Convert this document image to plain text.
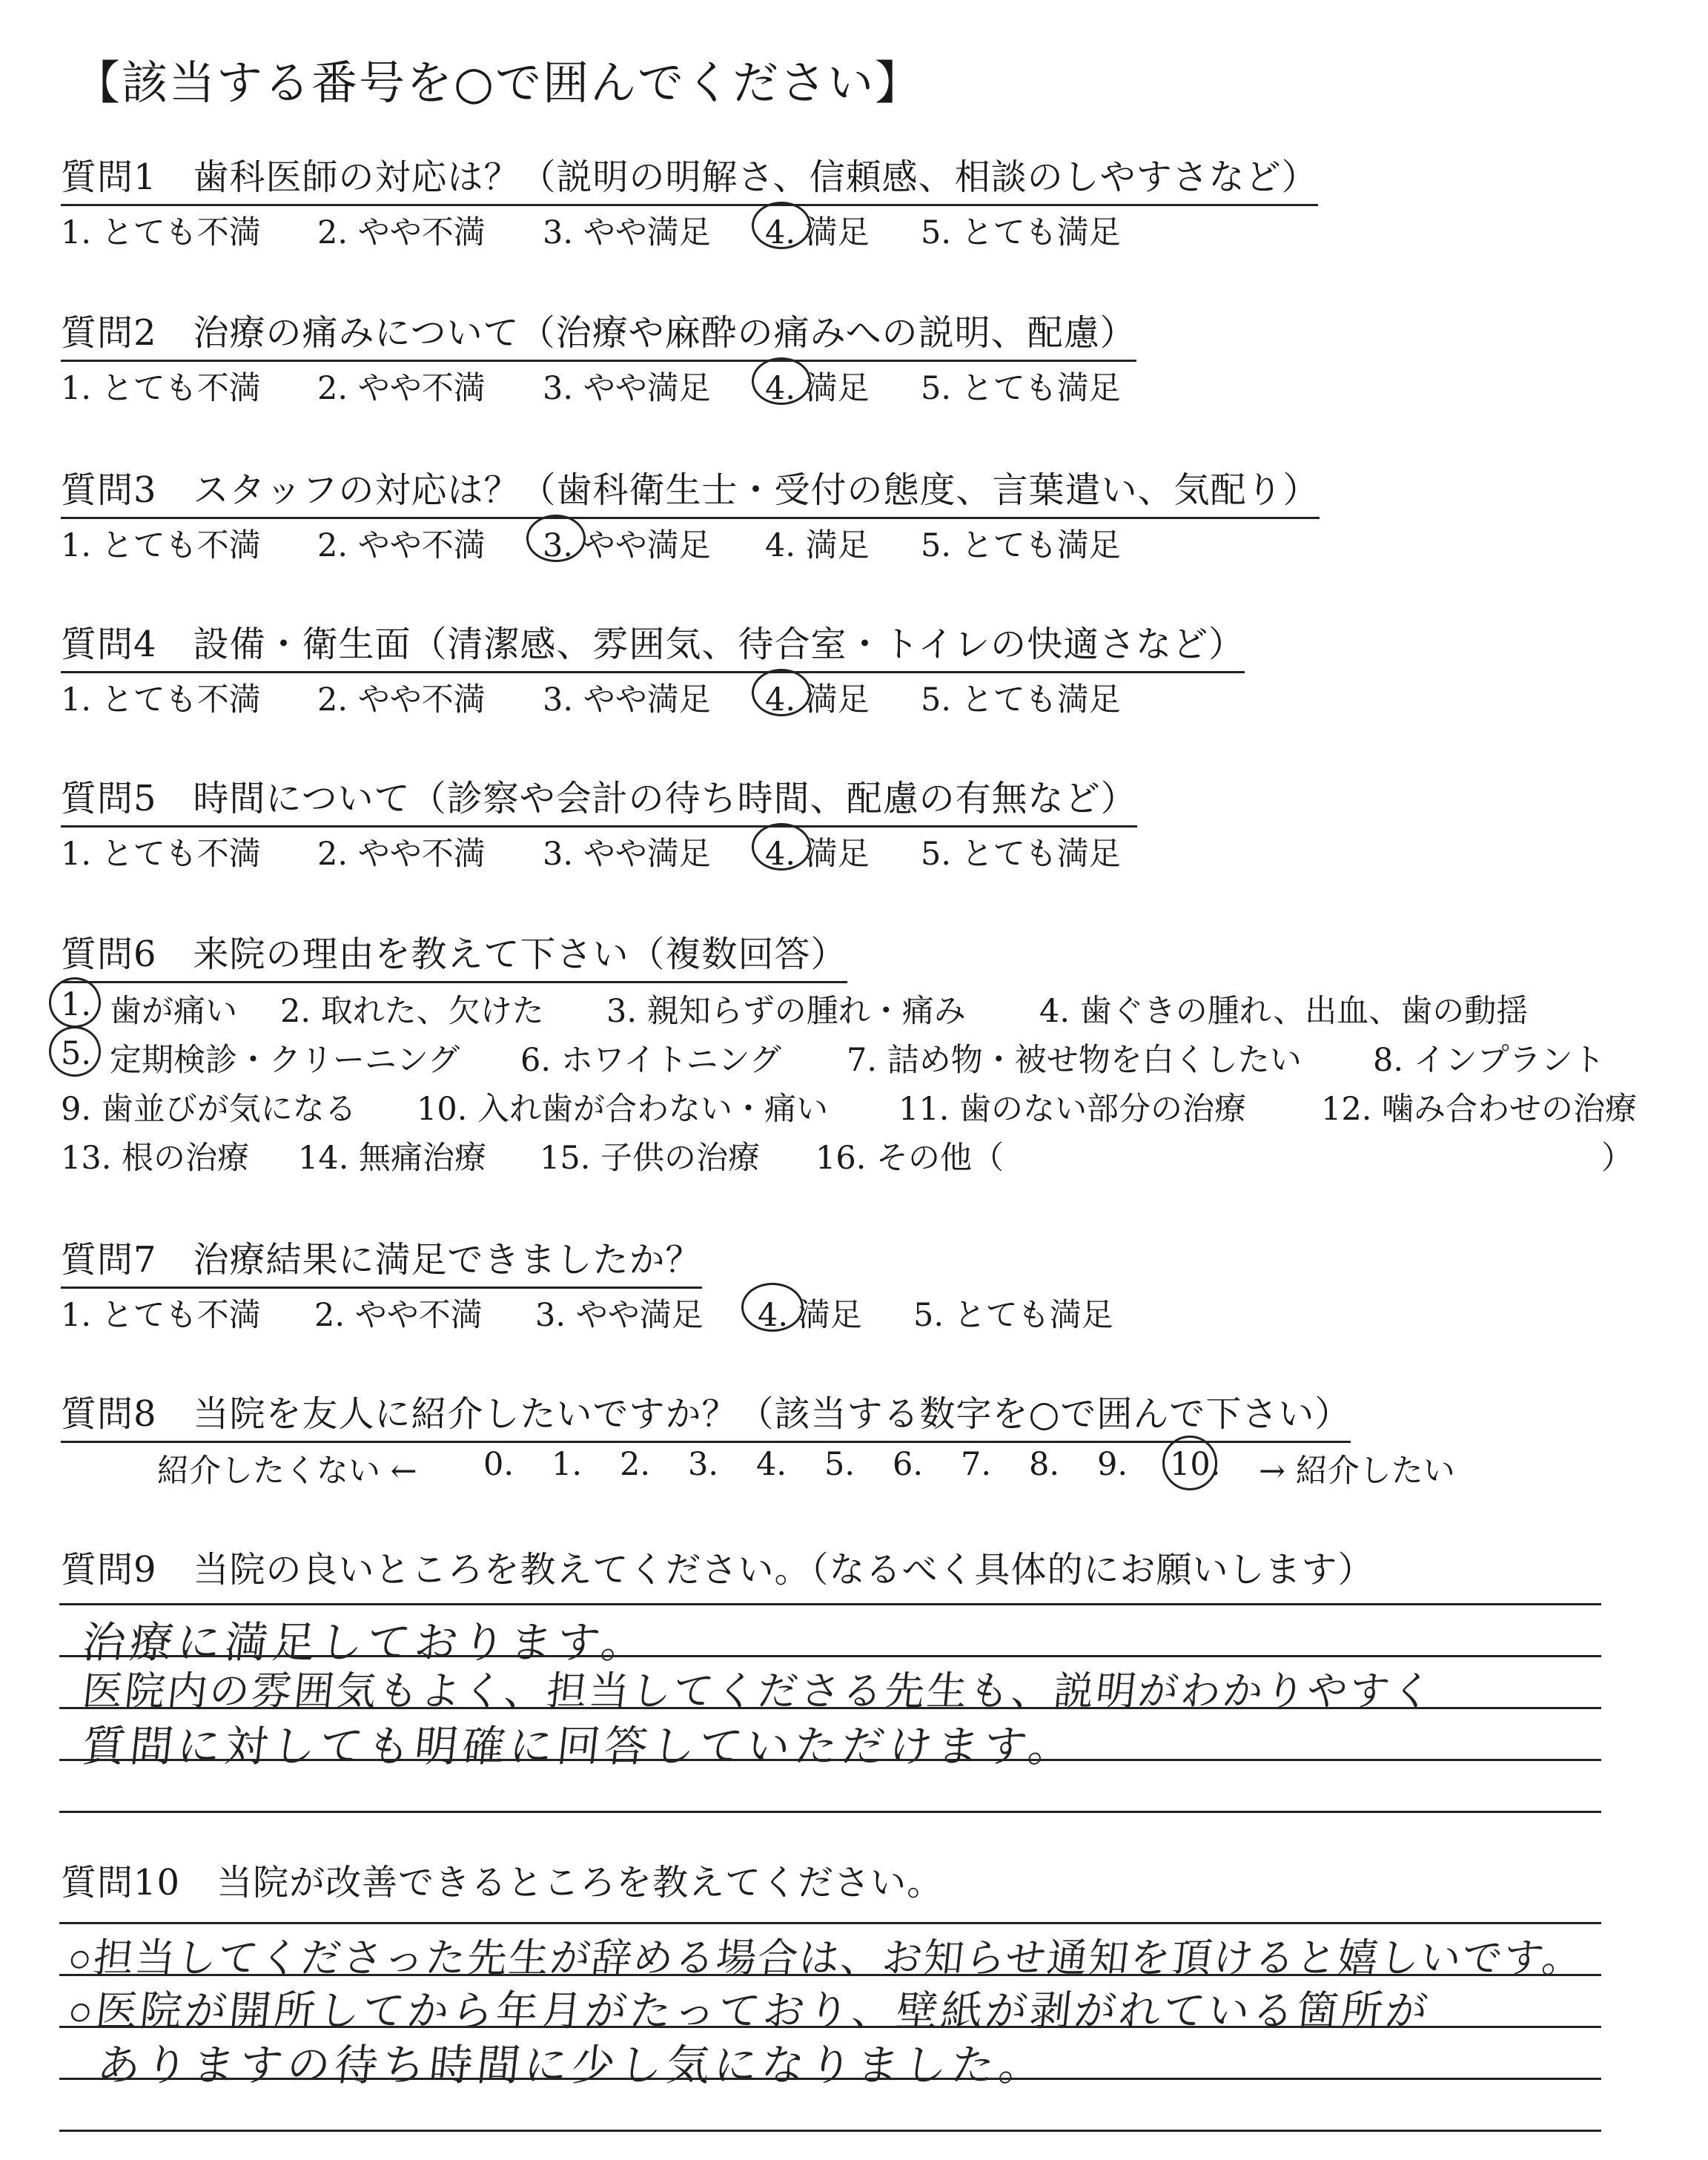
【該当する番号を○で囲んでください】
質問1　歯科医師の対応は？（説明の明解さ、信頼感、相談のしやすさなど）
1. とても不満 2. やや不満 3. やや満足 4. 満足 5. とても満足
質問2　治療の痛みについて（治療や麻酔の痛みへの説明、配慮）
1. とても不満 2. やや不満 3. やや満足 4. 満足 5. とても満足
質問3　スタッフの対応は？（歯科衛生士・受付の態度、言葉遣い、気配り）
1. とても不満 2. やや不満 3. やや満足 4. 満足 5. とても満足
質問4　設備・衛生面（清潔感、雰囲気、待合室・トイレの快適さなど）
1. とても不満 2. やや不満 3. やや満足 4. 満足 5. とても満足
質問5　時間について（診察や会計の待ち時間、配慮の有無など）
1. とても不満 2. やや不満 3. やや満足 4. 満足 5. とても満足
質問6　来院の理由を教えて下さい（複数回答）
1. 歯が痛い 2. 取れた、欠けた 3. 親知らずの腫れ・痛み 4. 歯ぐきの腫れ、出血、歯の動揺
5. 定期検診・クリーニング 6. ホワイトニング 7. 詰め物・被せ物を白くしたい 8. インプラント
9. 歯並びが気になる 10. 入れ歯が合わない・痛い 11. 歯のない部分の治療 12. 噛み合わせの治療
13. 根の治療 14. 無痛治療 15. 子供の治療 16. その他（	）
質問7　治療結果に満足できましたか？
1. とても不満 2. やや不満 3. やや満足 4. 満足 5. とても満足
質問8　当院を友人に紹介したいですか？（該当する数字を○で囲んで下さい）
紹介したくない ← 0. 1. 2. 3. 4. 5. 6. 7. 8. 9. 10. → 紹介したい
質問9　当院の良いところを教えてください。（なるべく具体的にお願いします）
治療に満足しております。
医院内の雰囲気もよく、担当してくださる先生も、説明がわかりやすく
質問に対しても明確に回答していただけます。
質問10　当院が改善できるところを教えてください。
○担当してくださった先生が辞める場合は、お知らせ通知を頂けると嬉しいです。
○医院が開所してから年月がたっており、壁紙が剥がれている箇所が
ありますの待ち時間に少し気になりました。
